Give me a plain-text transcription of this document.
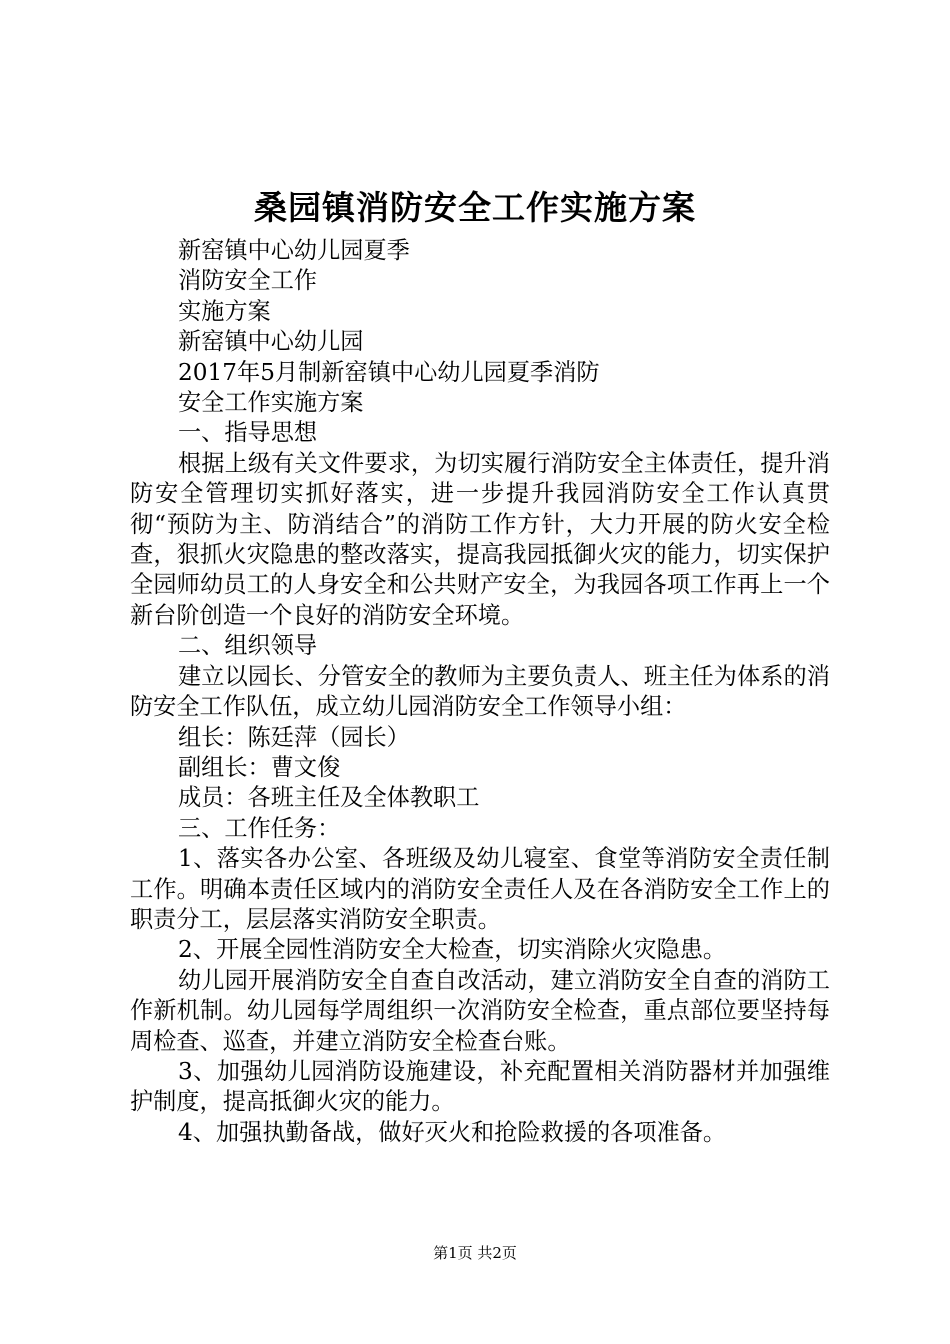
桑园镇消防安全工作实施方案

新窑镇中心幼儿园夏季

消防安全工作

实施方案

新窑镇中心幼儿园

2017年5月制新窑镇中心幼儿园夏季消防

安全工作实施方案

一、指导思想

根据上级有关文件要求，为切实履行消防安全主体责任，提升消防安全管理切实抓好落实，进一步提升我园消防安全工作认真贯彻“预防为主、防消结合”的消防工作方针，大力开展的防火安全检查，狠抓火灾隐患的整改落实，提高我园抵御火灾的能力，切实保护全园师幼员工的人身安全和公共财产安全，为我园各项工作再上一个新台阶创造一个良好的消防安全环境。

二、组织领导

建立以园长、分管安全的教师为主要负责人、班主任为体系的消防安全工作队伍，成立幼儿园消防安全工作领导小组：

组长：陈廷萍（园长）

副组长：曹文俊

成员：各班主任及全体教职工

三、工作任务：

1、落实各办公室、各班级及幼儿寝室、食堂等消防安全责任制工作。明确本责任区域内的消防安全责任人及在各消防安全工作上的职责分工，层层落实消防安全职责。

2、开展全园性消防安全大检查，切实消除火灾隐患。

幼儿园开展消防安全自查自改活动，建立消防安全自查的消防工作新机制。幼儿园每学周组织一次消防安全检查，重点部位要坚持每周检查、巡查，并建立消防安全检查台账。

3、加强幼儿园消防设施建设，补充配置相关消防器材并加强维护制度，提高抵御火灾的能力。

4、加强执勤备战，做好灭火和抢险救援的各项准备。

第1页 共2页
